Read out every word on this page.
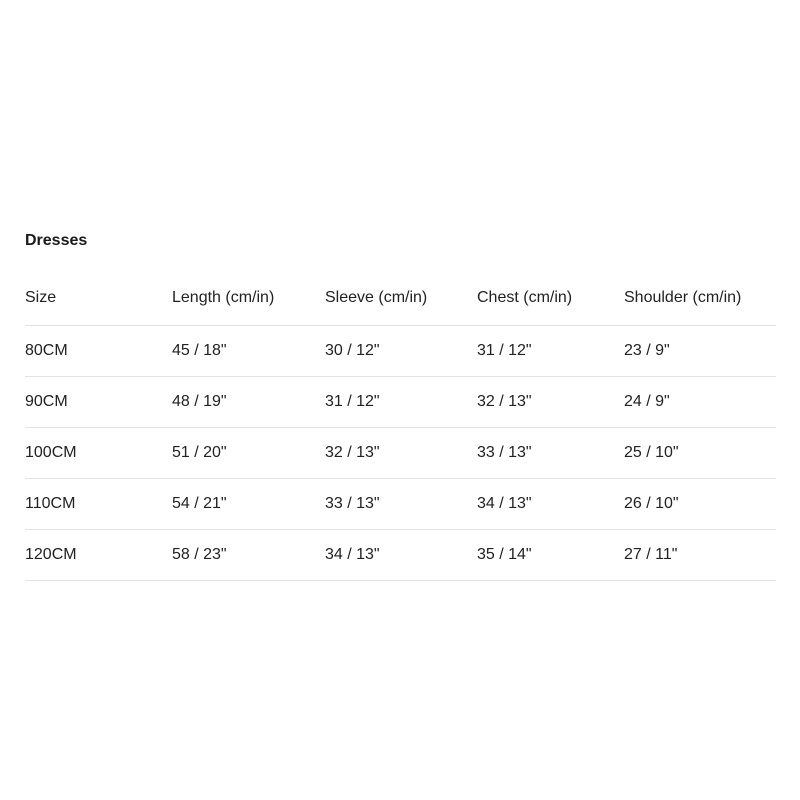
Dresses
Size	Length (cm/in)	Sleeve (cm/in)	Chest (cm/in)	Shoulder (cm/in)
80CM	45 / 18"	30 / 12"	31 / 12"	23 / 9"
90CM	48 / 19"	31 / 12"	32 / 13"	24 / 9"
100CM	51 / 20"	32 / 13"	33 / 13"	25 / 10"
110CM	54 / 21"	33 / 13"	34 / 13"	26 / 10"
120CM	58 / 23"	34 / 13"	35 / 14"	27 / 11"
